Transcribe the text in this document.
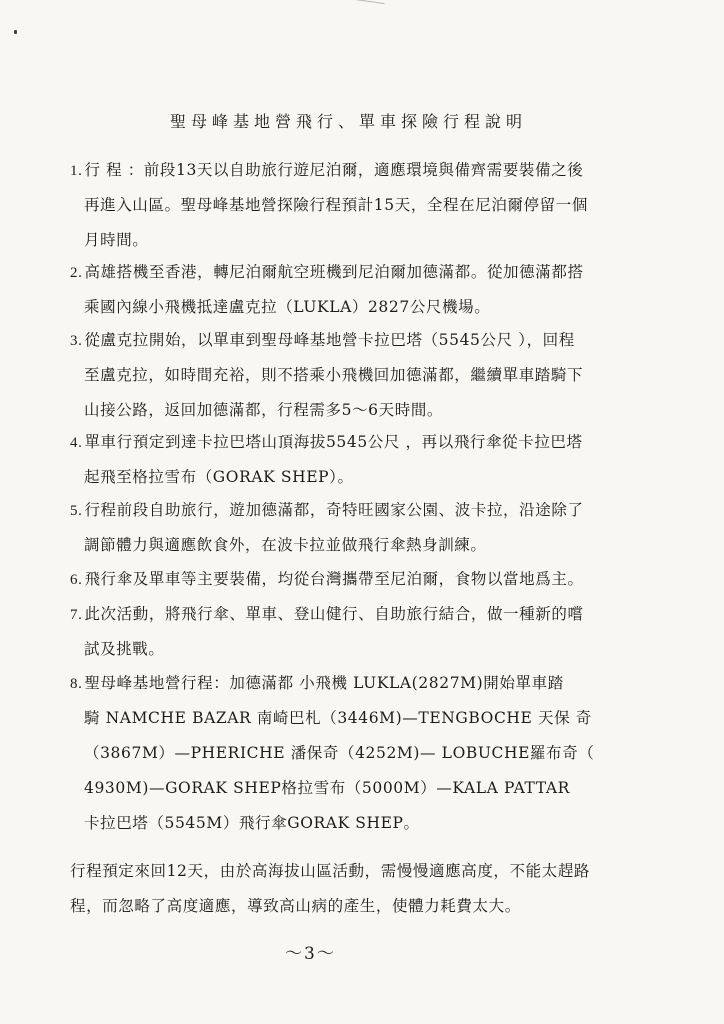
聖母峰基地營飛行、單車探險行程說明
1. 行 程 ：前段13天以自助旅行遊尼泊爾，適應環境與備齊需要裝備之後
再進入山區。聖母峰基地營探險行程預計15天，全程在尼泊爾停留一個
月時間。
2. 高雄搭機至香港，轉尼泊爾航空班機到尼泊爾加德滿都。從加德滿都搭
乘國內線小飛機抵達盧克拉（LUKLA）2827公尺機場。
3. 從盧克拉開始，以單車到聖母峰基地營卡拉巴塔（5545公尺 ），回程
至盧克拉，如時間充裕，則不搭乘小飛機回加德滿都，繼續單車踏騎下
山接公路，返回加德滿都，行程需多5～6天時間。
4. 單車行預定到達卡拉巴塔山頂海拔5545公尺 ，再以飛行傘從卡拉巴塔
起飛至格拉雪布（GORAK SHEP）。
5. 行程前段自助旅行，遊加德滿都，奇特旺國家公園、波卡拉，沿途除了
調節體力與適應飲食外，在波卡拉並做飛行傘熱身訓練。
6. 飛行傘及單車等主要裝備，均從台灣攜帶至尼泊爾，食物以當地爲主。
7. 此次活動，將飛行傘、單車、登山健行、自助旅行結合，做一種新的嚐
試及挑戰。
8. 聖母峰基地營行程：加德滿都 小飛機 LUKLA(2827M)開始單車踏
騎 NAMCHE BAZAR 南崎巴札（3446M)—TENGBOCHE 天保 奇
（3867M）—PHERICHE 潘保奇（4252M)— LOBUCHE羅布奇（
4930M)—GORAK SHEP格拉雪布（5000M）—KALA PATTAR
卡拉巴塔（5545M）飛行傘GORAK SHEP。
行程預定來回12天，由於高海拔山區活動，需慢慢適應高度，不能太趕路
程，而忽略了高度適應，導致高山病的產生，使體力耗費太大。
～3～
